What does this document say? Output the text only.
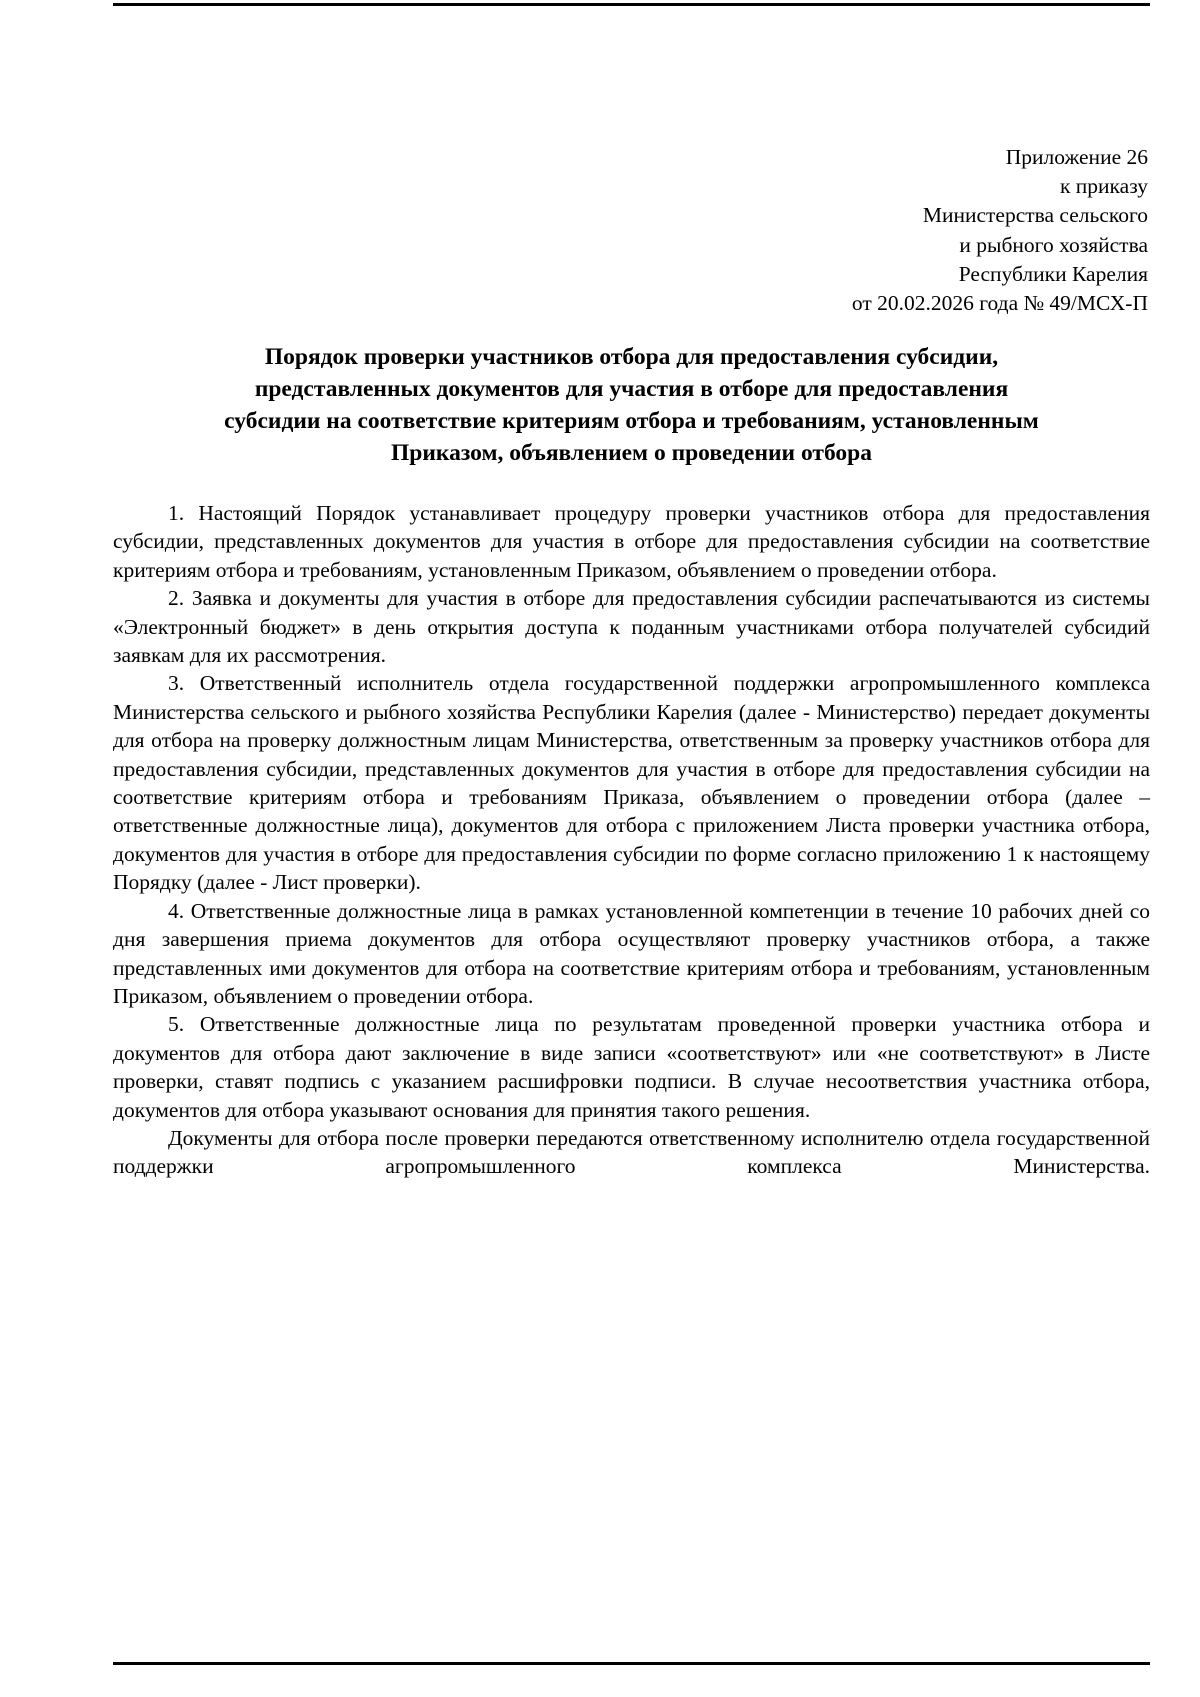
Приложение 26
к приказу
Министерства сельского
и рыбного хозяйства
Республики Карелия
от 20.02.2026 года № 49/МСХ-П
Порядок проверки участников отбора для предоставления субсидии,
представленных документов для участия в отборе для предоставления
субсидии на соответствие критериям отбора и требованиям, установленным
Приказом, объявлением о проведении отбора

1. Настоящий Порядок устанавливает процедуру проверки участников отбора для предоставления субсидии, представленных документов для участия в отборе для предоставления субсидии на соответствие критериям отбора и требованиям, установленным Приказом, объявлением о проведении отбора.

2. Заявка и документы для участия в отборе для предоставления субсидии распечатываются из системы «Электронный бюджет» в день открытия доступа к поданным участниками отбора получателей субсидий заявкам для их рассмотрения.

3. Ответственный исполнитель отдела государственной поддержки агропромышленного комплекса Министерства сельского и рыбного хозяйства Республики Карелия (далее - Министерство) передает документы для отбора на проверку должностным лицам Министерства, ответственным за проверку участников отбора для предоставления субсидии, представленных документов для участия в отборе для предоставления субсидии на соответствие критериям отбора и требованиям Приказа, объявлением о проведении отбора (далее – ответственные должностные лица), документов для отбора с приложением Листа проверки участника отбора, документов для участия в отборе для предоставления субсидии по форме согласно приложению 1 к настоящему Порядку (далее - Лист проверки).

4. Ответственные должностные лица в рамках установленной компетенции в течение 10 рабочих дней со дня завершения приема документов для отбора осуществляют проверку участников отбора, а также представленных ими документов для отбора на соответствие критериям отбора и требованиям, установленным Приказом, объявлением о проведении отбора.

5. Ответственные должностные лица по результатам проведенной проверки участника отбора и документов для отбора дают заключение в виде записи «соответствуют» или «не соответствуют» в Листе проверки, ставят подпись с указанием расшифровки подписи. В случае несоответствия участника отбора, документов для отбора указывают основания для принятия такого решения.

Документы для отбора после проверки передаются ответственному исполнителю отдела государственной поддержки агропромышленного комплекса Министерства.
